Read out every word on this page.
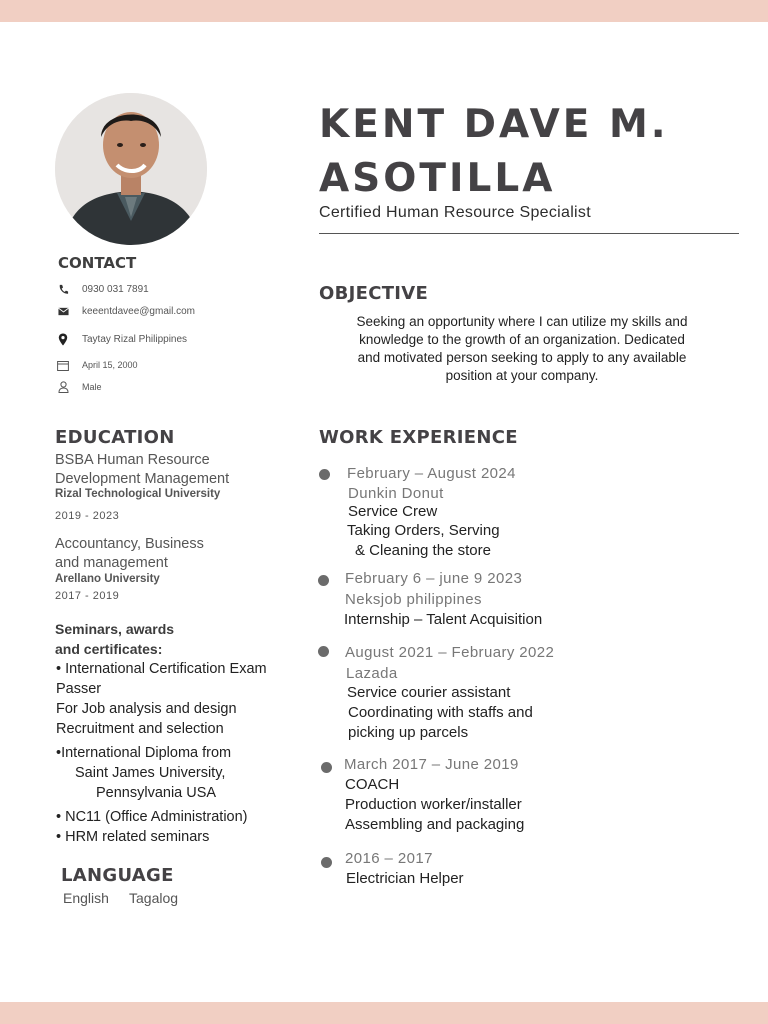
KENT DAVE M.
ASOTILLA
Certified Human Resource Specialist
CONTACT
0930 031 7891
keeentdavee@gmail.com
Taytay Rizal Philippines
April 15, 2000
Male
OBJECTIVE
Seeking an opportunity where I can utilize my skills and
knowledge to the growth of an organization. Dedicated
and motivated person seeking to apply to any available
position at your company.
EDUCATION
BSBA Human Resource
Development Management
Rizal Technological University
2019 - 2023
Accountancy, Business
and management
Arellano University
2017 - 2019
Seminars, awards
and certificates:
• International Certification Exam
Passer
For Job analysis and design
Recruitment and selection
•International Diploma from
Saint James University,
Pennsylvania USA
• NC11 (Office Administration)
• HRM related seminars
LANGUAGE
English Tagalog
WORK EXPERIENCE
February – August 2024
Dunkin Donut
Service Crew
Taking Orders, Serving
& Cleaning the store
February 6 – june 9 2023
Neksjob philippines
Internship – Talent Acquisition
August 2021 – February 2022
Lazada
Service courier assistant
Coordinating with staffs and
picking up parcels
March 2017 – June 2019
COACH
Production worker/installer
Assembling and packaging
2016 – 2017
Electrician Helper
